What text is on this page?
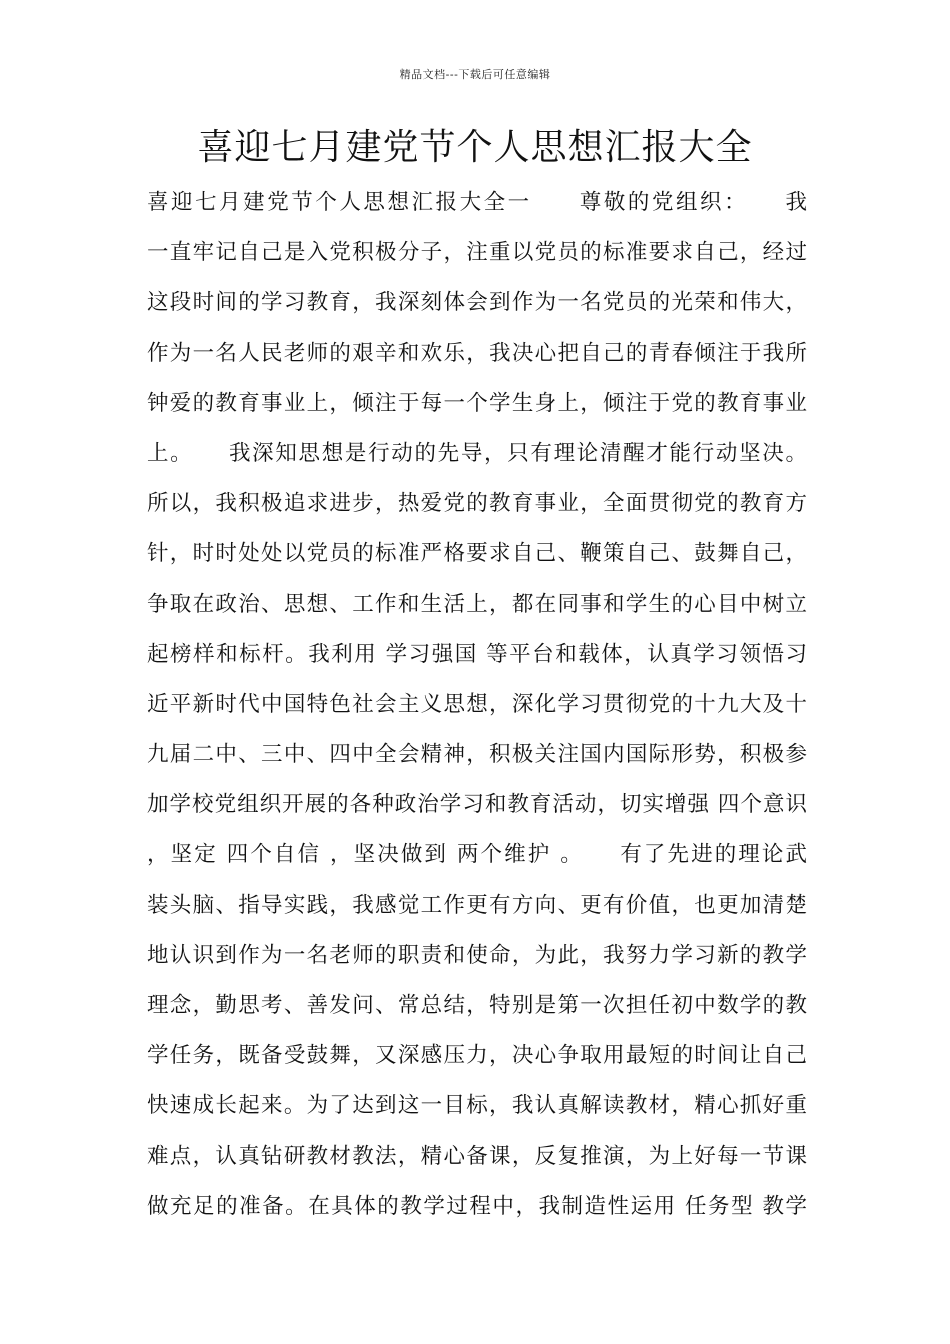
精品文档---下载后可任意编辑
喜迎七月建党节个人思想汇报大全
喜迎七月建党节个人思想汇报大全一　　尊敬的党组织：　　我
一直牢记自己是入党积极分子，注重以党员的标准要求自己，经过
这段时间的学习教育，我深刻体会到作为一名党员的光荣和伟大，
作为一名人民老师的艰辛和欢乐，我决心把自己的青春倾注于我所
钟爱的教育事业上，倾注于每一个学生身上，倾注于党的教育事业
上。　　我深知思想是行动的先导，只有理论清醒才能行动坚决。
所以，我积极追求进步，热爱党的教育事业，全面贯彻党的教育方
针，时时处处以党员的标准严格要求自己、鞭策自己、鼓舞自己，
争取在政治、思想、工作和生活上，都在同事和学生的心目中树立
起榜样和标杆。我利用 学习强国 等平台和载体，认真学习领悟习
近平新时代中国特色社会主义思想，深化学习贯彻党的十九大及十
九届二中、三中、四中全会精神，积极关注国内国际形势，积极参
加学校党组织开展的各种政治学习和教育活动，切实增强 四个意识
，坚定 四个自信 ，坚决做到 两个维护 。　　有了先进的理论武
装头脑、指导实践，我感觉工作更有方向、更有价值，也更加清楚
地认识到作为一名老师的职责和使命，为此，我努力学习新的教学
理念，勤思考、善发问、常总结，特别是第一次担任初中数学的教
学任务，既备受鼓舞，又深感压力，决心争取用最短的时间让自己
快速成长起来。为了达到这一目标，我认真解读教材，精心抓好重
难点，认真钻研教材教法，精心备课，反复推演，为上好每一节课
做充足的准备。在具体的教学过程中，我制造性运用 任务型 教学
